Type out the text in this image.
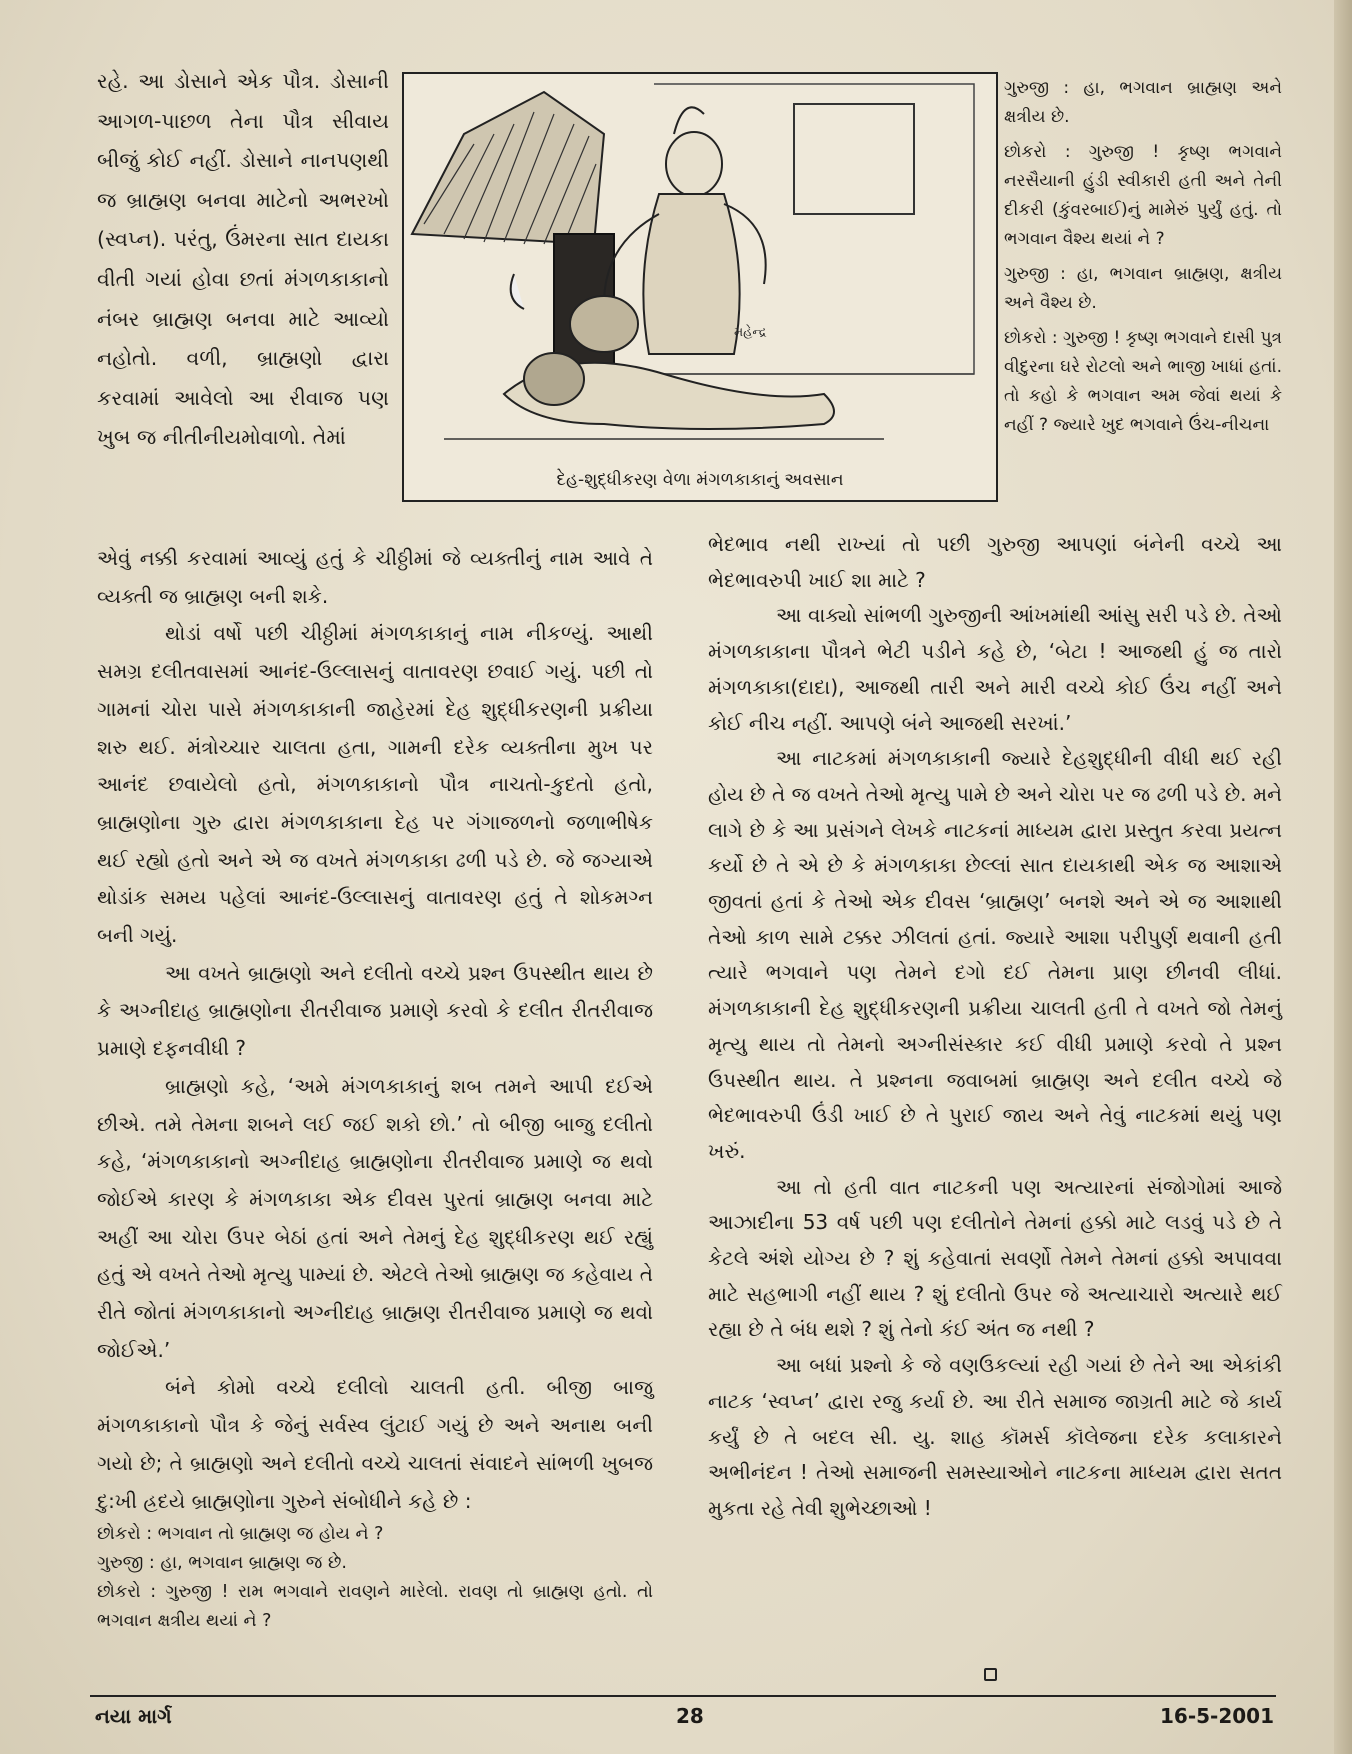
રહે. આ ડોસાને એક પૌત્ર. ડોસાની આગળ-પાછળ તેના પૌત્ર સીવાય બીજું કોઈ નહીં. ડોસાને નાનપણથી જ બ્રાહ્મણ બનવા માટેનો અભરખો (સ્વપ્ન). પરંતુ, ઉંમરના સાત દાયકા વીતી ગયાં હોવા છતાં મંગળકાકાનો નંબર બ્રાહ્મણ બનવા માટે આવ્યો નહોતો. વળી, બ્રાહ્મણો દ્વારા કરવામાં આવેલો આ રીવાજ પણ ખુબ જ નીતીનીયમોવાળો. તેમાં

મહેન્દ્ર
દેહ-શુદ્ધીકરણ વેળા મંગળકાકાનું અવસાન

ગુરુજી : હા, ભગવાન બ્રાહ્મણ અને ક્ષત્રીય છે.

છોકરો : ગુરુજી ! કૃષ્ણ ભગવાને નરસૈયાની હુંડી સ્વીકારી હતી અને તેની દીકરી (કુંવરબાઈ)નું મામેરું પુર્યું હતું. તો ભગવાન વૈશ્ય થયાં ને ?

ગુરુજી : હા, ભગવાન બ્રાહ્મણ, ક્ષત્રીય અને વૈશ્ય છે.

છોકરો : ગુરુજી ! કૃષ્ણ ભગવાને દાસી પુત્ર વીદુરના ઘરે રોટલો અને ભાજી ખાધાં હતાં. તો કહો કે ભગવાન અમ જેવાં થયાં કે નહીં ? જ્યારે ખુદ ભગવાને ઉંચ-નીચના

એવું નક્કી કરવામાં આવ્યું હતું કે ચીઠ્ઠીમાં જે વ્યક્તીનું નામ આવે તે વ્યક્તી જ બ્રાહ્મણ બની શકે.

થોડાં વર્ષો પછી ચીઠ્ઠીમાં મંગળકાકાનું નામ નીકળ્યું. આથી સમગ્ર દલીતવાસમાં આનંદ-ઉલ્લાસનું વાતાવરણ છવાઈ ગયું. પછી તો ગામનાં ચોરા પાસે મંગળકાકાની જાહેરમાં દેહ શુદ્ધીકરણની પ્રક્રીયા શરુ થઈ. મંત્રોચ્ચાર ચાલતા હતા, ગામની દરેક વ્યક્તીના મુખ પર આનંદ છવાયેલો હતો, મંગળકાકાનો પૌત્ર નાચતો-કુદતો હતો, બ્રાહ્મણોના ગુરુ દ્વારા મંગળકાકાના દેહ પર ગંગાજળનો જળાભીષેક થઈ રહ્યો હતો અને એ જ વખતે મંગળકાકા ઢળી પડે છે. જે જગ્યાએ થોડાંક સમય પહેલાં આનંદ-ઉલ્લાસનું વાતાવરણ હતું તે શોકમગ્ન બની ગયું.

આ વખતે બ્રાહ્મણો અને દલીતો વચ્ચે પ્રશ્ન ઉપસ્થીત થાય છે કે અગ્નીદાહ બ્રાહ્મણોના રીતરીવાજ પ્રમાણે કરવો કે દલીત રીતરીવાજ પ્રમાણે દફનવીધી ?

બ્રાહ્મણો કહે, ‘અમે મંગળકાકાનું શબ તમને આપી દઈએ છીએ. તમે તેમના શબને લઈ જઈ શકો છો.’ તો બીજી બાજુ દલીતો કહે, ‘મંગળકાકાનો અગ્નીદાહ બ્રાહ્મણોના રીતરીવાજ પ્રમાણે જ થવો જોઈએ કારણ કે મંગળકાકા એક દીવસ પુરતાં બ્રાહ્મણ બનવા માટે અહીં આ ચોરા ઉપર બેઠાં હતાં અને તેમનું દેહ શુદ્ધીકરણ થઈ રહ્યું હતું એ વખતે તેઓ મૃત્યુ પામ્યાં છે. એટલે તેઓ બ્રાહ્મણ જ કહેવાય તે રીતે જોતાં મંગળકાકાનો અગ્નીદાહ બ્રાહ્મણ રીતરીવાજ પ્રમાણે જ થવો જોઈએ.’

બંને કોમો વચ્ચે દલીલો ચાલતી હતી. બીજી બાજુ મંગળકાકાનો પૌત્ર કે જેનું સર્વસ્વ લુંટાઈ ગયું છે અને અનાથ બની ગયો છે; તે બ્રાહ્મણો અને દલીતો વચ્ચે ચાલતાં સંવાદને સાંભળી ખુબજ દુ:ખી હ્રદયે બ્રાહ્મણોના ગુરુને સંબોધીને કહે છે :

છોકરો : ભગવાન તો બ્રાહ્મણ જ હોય ને ?

ગુરુજી : હા, ભગવાન બ્રાહ્મણ જ છે.

છોકરો : ગુરુજી ! રામ ભગવાને રાવણને મારેલો. રાવણ તો બ્રાહ્મણ હતો. તો ભગવાન ક્ષત્રીય થયાં ને ?

ભેદભાવ નથી રાખ્યાં તો પછી ગુરુજી આપણાં બંનેની વચ્ચે આ ભેદભાવરુપી ખાઈ શા માટે ?

આ વાક્યો સાંભળી ગુરુજીની આંખમાંથી આંસુ સરી પડે છે. તેઓ મંગળકાકાના પૌત્રને ભેટી પડીને કહે છે, ‘બેટા ! આજથી હું જ તારો મંગળકાકા(દાદા), આજથી તારી અને મારી વચ્ચે કોઈ ઉંચ નહીં અને કોઈ નીચ નહીં. આપણે બંને આજથી સરખાં.’

આ નાટકમાં મંગળકાકાની જ્યારે દેહશુદ્ધીની વીધી થઈ રહી હોય છે તે જ વખતે તેઓ મૃત્યુ પામે છે અને ચોરા પર જ ઢળી પડે છે. મને લાગે છે કે આ પ્રસંગને લેખકે નાટકનાં માધ્યમ દ્વારા પ્રસ્તુત કરવા પ્રયત્ન કર્યો છે તે એ છે કે મંગળકાકા છેલ્લાં સાત દાયકાથી એક જ આશાએ જીવતાં હતાં કે તેઓ એક દીવસ ‘બ્રાહ્મણ’ બનશે અને એ જ આશાથી તેઓ કાળ સામે ટક્કર ઝીલતાં હતાં. જ્યારે આશા પરીપુર્ણ થવાની હતી ત્યારે ભગવાને પણ તેમને દગો દઈ તેમના પ્રાણ છીનવી લીધાં. મંગળકાકાની દેહ શુદ્ધીકરણની પ્રક્રીયા ચાલતી હતી તે વખતે જો તેમનું મૃત્યુ થાય તો તેમનો અગ્નીસંસ્કાર કઈ વીધી પ્રમાણે કરવો તે પ્રશ્ન ઉપસ્થીત થાય. તે પ્રશ્નના જવાબમાં બ્રાહ્મણ અને દલીત વચ્ચે જે ભેદભાવરુપી ઉંડી ખાઈ છે તે પુરાઈ જાય અને તેવું નાટકમાં થયું પણ ખરું.

આ તો હતી વાત નાટકની પણ અત્યારનાં સંજોગોમાં આજે આઝાદીના 53 વર્ષ પછી પણ દલીતોને તેમનાં હક્કો માટે લડવું પડે છે તે કેટલે અંશે યોગ્ય છે ? શું કહેવાતાં સવર્ણો તેમને તેમનાં હક્કો અપાવવા માટે સહભાગી નહીં થાય ? શું દલીતો ઉપર જે અત્યાચારો અત્યારે થઈ રહ્યા છે તે બંધ થશે ? શું તેનો કંઈ અંત જ નથી ?

આ બધાં પ્રશ્નો કે જે વણઉકલ્યાં રહી ગયાં છે તેને આ એકાંકી નાટક ‘સ્વપ્ન’ દ્વારા રજુ કર્યા છે. આ રીતે સમાજ જાગ્રતી માટે જે કાર્ય કર્યું છે તે બદલ સી. યુ. શાહ કૉમર્સ કૉલેજના દરેક કલાકારને અભીનંદન ! તેઓ સમાજની સમસ્યાઓને નાટકના માધ્યમ દ્વારા સતત મુકતા રહે તેવી શુભેચ્છાઓ !

નયા માર્ગ	28	16-5-2001
